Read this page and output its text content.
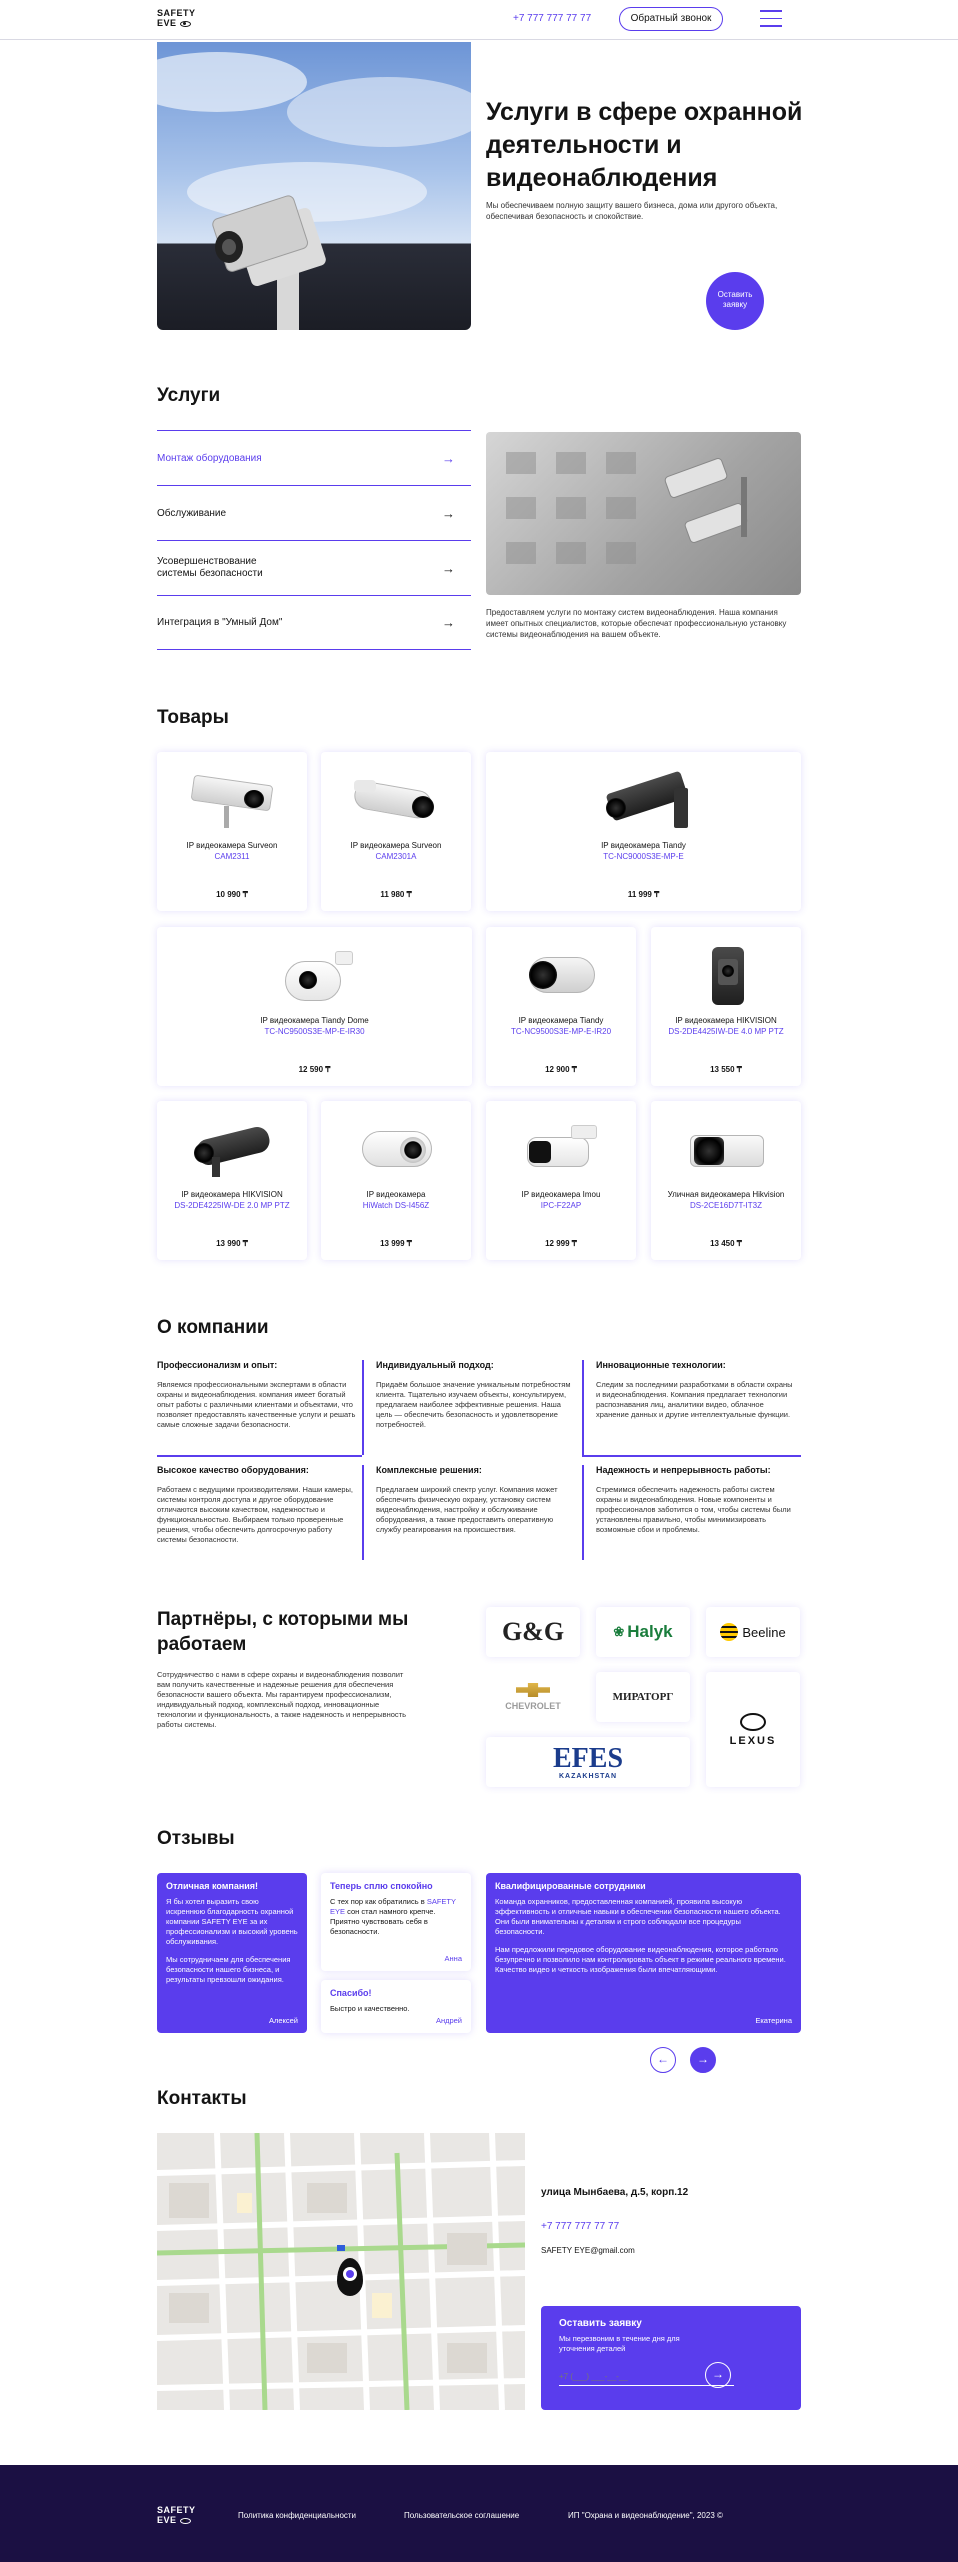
SAFETY
EVE	+7 777 777 77 77	Обратный звонок
Услуги в сфере охранной деятельности и видеонаблюдения

Мы обеспечиваем полную защиту вашего бизнеса, дома или другого объекта, обеспечивая безопасность и спокойствие.

Оставить заявку
Услуги
Монтаж оборудования	→
Обслуживание	→
Усовершенствование системы безопасности	→
Интеграция в "Умный Дом"	→

Предоставляем услуги по монтажу систем видеонаблюдения. Наша компания имеет опытных специалистов, которые обеспечат профессиональную установку системы видеонаблюдения на вашем объекте.

Товары
IP видеокамера Surveon
CAM2311
10 990 ₸
IP видеокамера Surveon
CAM2301A
11 980 ₸
IP видеокамера Tiandy
TC-NC9000S3E-MP-E
11 999 ₸
IP видеокамера Tiandy Dome
TC-NC9500S3E-MP-E-IR30
12 590 ₸
IP видеокамера Tiandy
TC-NC9500S3E-MP-E-IR20
12 900 ₸
IP видеокамера HIKVISION
DS-2DE4425IW-DE 4.0 MP PTZ
13 550 ₸
IP видеокамера HIKVISION
DS-2DE4225IW-DE 2.0 MP PTZ
13 990 ₸
IP видеокамера
HiWatch DS-I456Z
13 999 ₸
IP видеокамера Imou
IPC-F22AP
12 999 ₸
Уличная видеокамера Hikvision
DS-2CE16D7T-IT3Z
13 450 ₸
О компании
Профессионализм и опыт:

Являемся профессиональными экспертами в области охраны и видеонаблюдения. компания имеет богатый опыт работы с различными клиентами и объектами, что позволяет предоставлять качественные услуги и решать самые сложные задачи безопасности.

Индивидуальный подход:

Придаём большое значение уникальным потребностям клиента. Тщательно изучаем объекты, консультируем, предлагаем наиболее эффективные решения. Наша цель — обеспечить безопасность и удовлетворение потребностей.

Инновационные технологии:

Следим за последними разработками в области охраны и видеонаблюдения. Компания предлагает технологии распознавания лиц, аналитики видео, облачное хранение данных и другие интеллектуальные функции.

Высокое качество оборудования:

Работаем с ведущими производителями. Наши камеры, системы контроля доступа и другое оборудование отличаются высоким качеством, надежностью и функциональностью. Выбираем только проверенные решения, чтобы обеспечить долгосрочную работу системы безопасности.

Комплексные решения:

Предлагаем широкий спектр услуг. Компания может обеспечить физическую охрану, установку систем видеонаблюдения, настройку и обслуживание оборудования, а также предоставить оперативную службу реагирования на происшествия.

Надежность и непрерывность работы:

Стремимся обеспечить надежность работы систем охраны и видеонаблюдения. Новые компоненты и профессионалов заботится о том, чтобы системы были установлены правильно, чтобы минимизировать возможные сбои и проблемы.

Партнёры, с которыми мы работаем

Сотрудничество с нами в сфере охраны и видеонаблюдения позволит вам получить качественные и надежные решения для обеспечения безопасности вашего объекта. Мы гарантируем профессионализм, индивидуальный подход, комплексный подход, инновационные технологии и функциональность, а также надежность и непрерывность работы системы.

G&G	❀ Halyk	Beeline
CHEVROLET
МИРАТОРГ
EFES
KAZAKHSTAN
LEXUS
Отзывы
Отличная компания!

Я бы хотел выразить свою искреннюю благодарность охранной компании SAFETY EYE за их профессионализм и высокий уровень обслуживания.

Мы сотрудничаем для обеспечения безопасности нашего бизнеса, и результаты превзошли ожидания.

Алексей
Теперь сплю спокойно

С тех пор как обратились в SAFETY EYE сон стал намного крепче. Приятно чувствовать себя в безопасности.

Анна
Спасибо!

Быстро и качественно.

Андрей
Квалифицированные сотрудники

Команда охранников, предоставленная компанией, проявила высокую эффективность и отличные навыки в обеспечении безопасности нашего объекта. Они были внимательны к деталям и строго соблюдали все процедуры безопасности.

Нам предложили передовое оборудование видеонаблюдения, которое работало безупречно и позволило нам контролировать объект в режиме реального времени. Качество видео и четкость изображения были впечатляющими.

Екатерина
←	→
Контакты
улица Мынбаева, д.5, корп.12
+7 777 777 77 77
SAFETY EYE@gmail.com
Оставить заявку
Мы перезвоним в течение дня для уточнения деталей
+7 (___) ___-__-__
→
SAFETY
EVE	Политика конфиденциальности	Пользовательское соглашение	ИП "Охрана и видеонаблюдение", 2023 ©
